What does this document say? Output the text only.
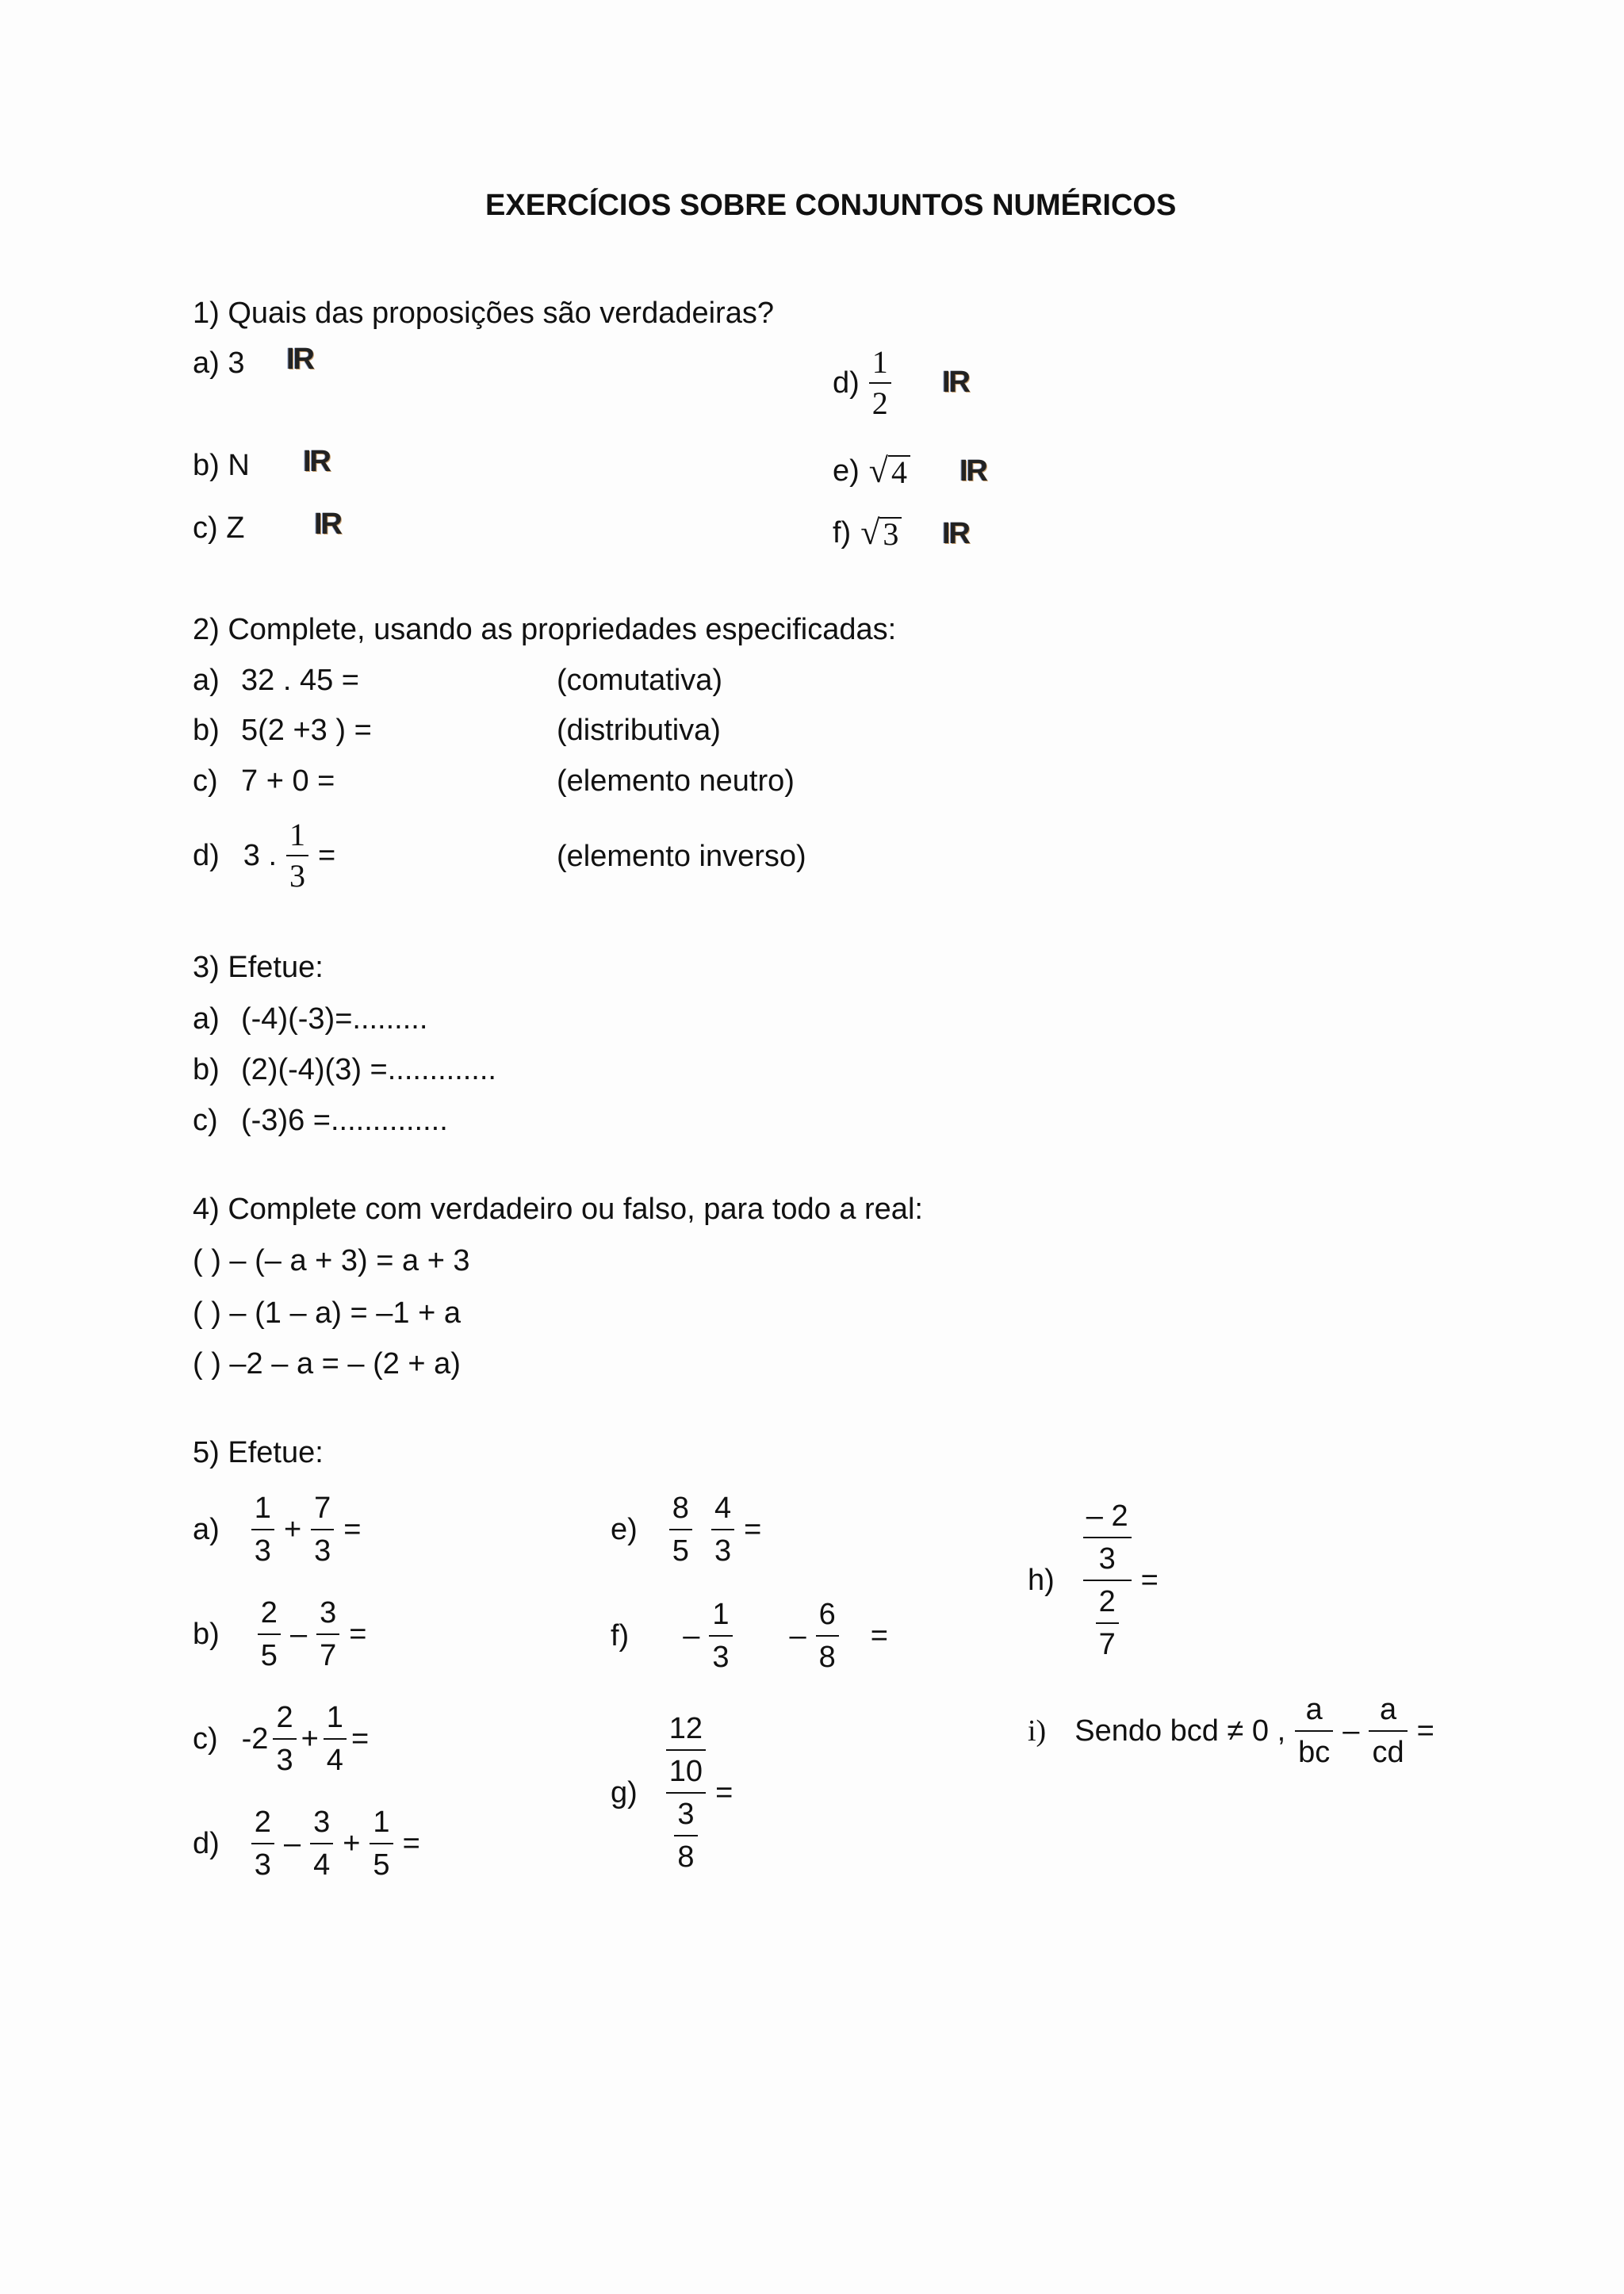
EXERCÍCIOS SOBRE CONJUNTOS NUMÉRICOS
1) Quais das proposições são verdadeiras?
a) 3 IR
b) N IR
c) Z IR
$d) \frac{1}{2}$ IR
e) √ 4 IR
f) √ 3 IR
2) Complete, usando as propriedades especificadas:
a) 32 . 45 =	(comutativa)
b) 5(2 +3 ) =	(distributiva)
c) 7 + 0 =	(elemento neutro)
d) 3 . $\frac{1}{3}$ =	(elemento inverso)
3) Efetue:
a) (-4)(-3)=.........
b) (2)(-4)(3) =.............
c) (-3)6 =..............
4) Complete com verdadeiro ou falso, para todo a real:
( ) – (– a + 3) = a + 3
( ) – (1 – a) = –1 + a
( ) –2 – a = – (2 + a)
5) Efetue:
$a) \frac{1}{3} + \frac{7}{3}$ =
$b) \frac{2}{5} - \frac{3}{7}$ =
c) $-2 \frac{2}{3} + \frac{1}{4}$ =
$d) \frac{2}{3} - \frac{3}{4} + \frac{1}{5}$ =
$e) \frac{8}{5} \frac{4}{3}$ =
$f) - \frac{1}{3} - \frac{6}{8}$ =
$g) \frac{\frac{12}{10}}{\frac{3}{8}}$ =
$h) \frac{\frac{- 2}{3}}{\frac{2}{7}}$ =
i) Sendo bcd ≠ 0 , $\frac{a}{bc} - \frac{a}{cd}$ =
